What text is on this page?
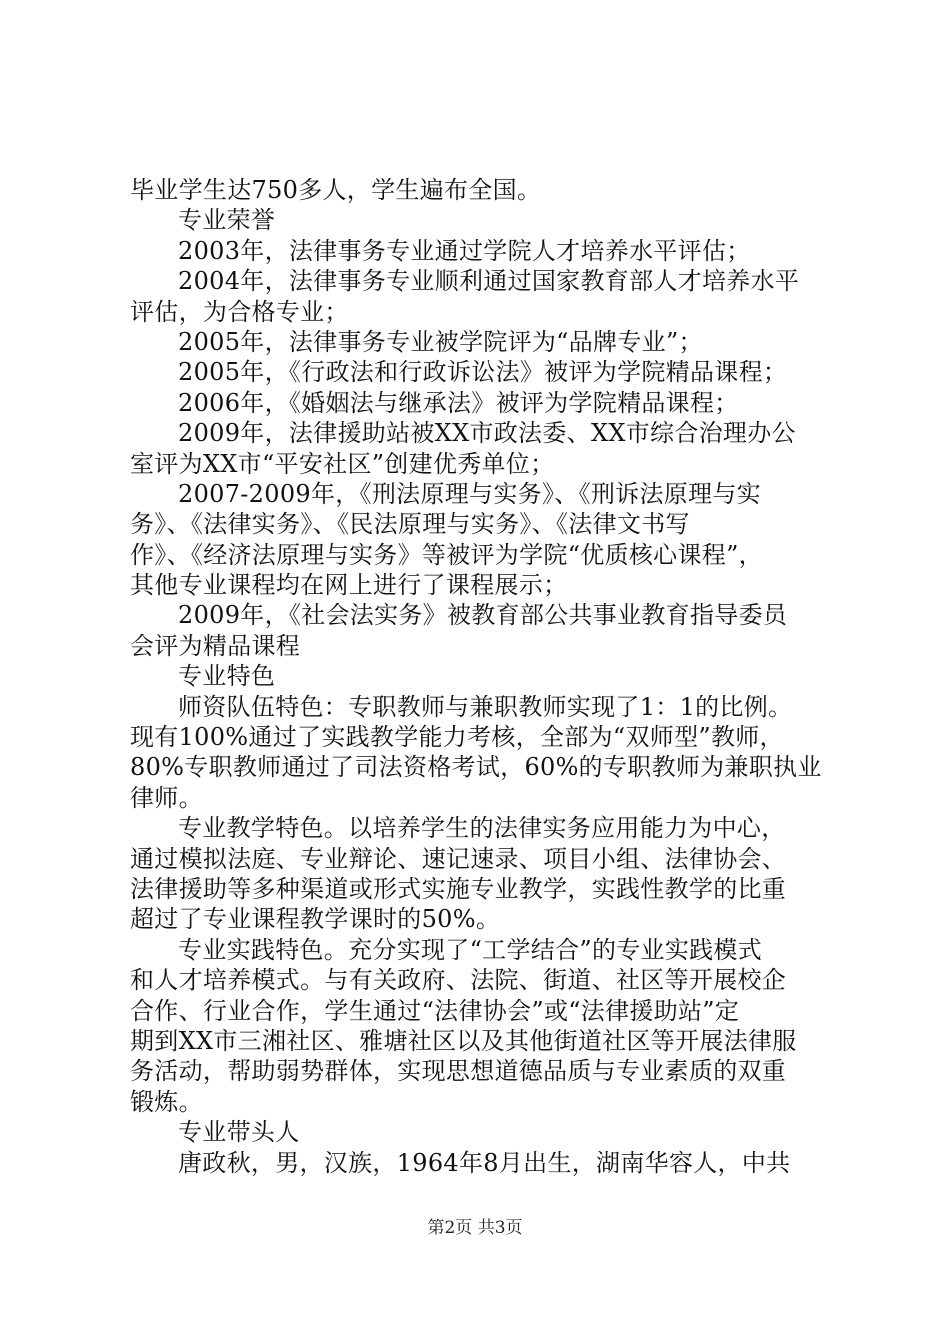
毕业学生达750多人，学生遍布全国。
专业荣誉
2003年，法律事务专业通过学院人才培养水平评估；
2004年，法律事务专业顺利通过国家教育部人才培养水平
评估，为合格专业；
2005年，法律事务专业被学院评为“品牌专业”；
2005年，《行政法和行政诉讼法》被评为学院精品课程；
2006年，《婚姻法与继承法》被评为学院精品课程；
2009年，法律援助站被XX市政法委、XX市综合治理办公
室评为XX市“平安社区”创建优秀单位；
2007-2009年，《刑法原理与实务》、《刑诉法原理与实
务》、《法律实务》、《民法原理与实务》、《法律文书写
作》、《经济法原理与实务》等被评为学院“优质核心课程”，
其他专业课程均在网上进行了课程展示；
2009年，《社会法实务》被教育部公共事业教育指导委员
会评为精品课程
专业特色
师资队伍特色：专职教师与兼职教师实现了1：1的比例。
现有100%通过了实践教学能力考核，全部为“双师型”教师，
80%专职教师通过了司法资格考试，60%的专职教师为兼职执业
律师。
专业教学特色。以培养学生的法律实务应用能力为中心，
通过模拟法庭、专业辩论、速记速录、项目小组、法律协会、
法律援助等多种渠道或形式实施专业教学，实践性教学的比重
超过了专业课程教学课时的50%。
专业实践特色。充分实现了“工学结合”的专业实践模式
和人才培养模式。与有关政府、法院、街道、社区等开展校企
合作、行业合作，学生通过“法律协会”或“法律援助站”定
期到XX市三湘社区、雅塘社区以及其他街道社区等开展法律服
务活动，帮助弱势群体，实现思想道德品质与专业素质的双重
锻炼。
专业带头人
唐政秋，男，汉族，1964年8月出生，湖南华容人，中共
第2页 共3页
